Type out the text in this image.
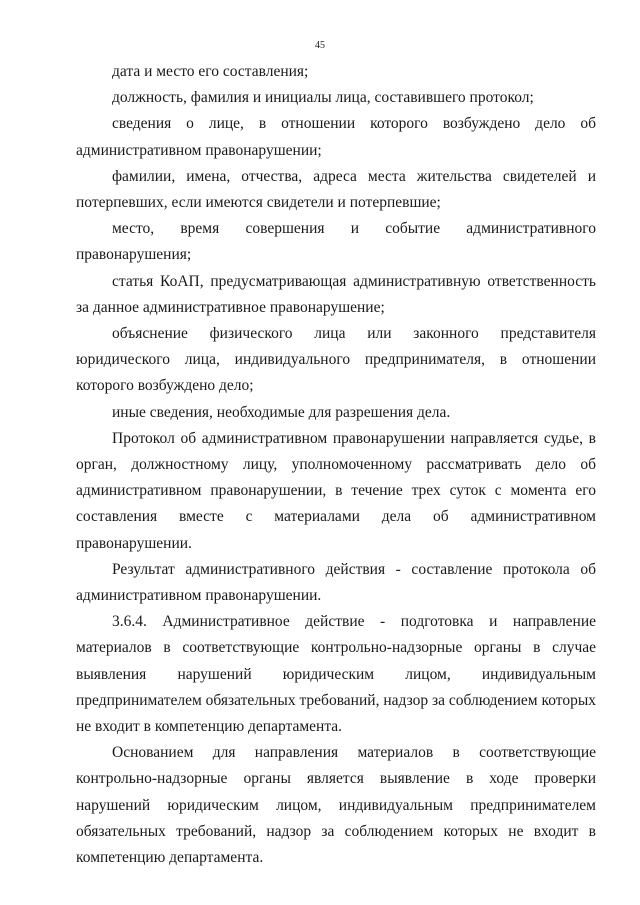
45

дата и место его составления;

должность, фамилия и инициалы лица, составившего протокол;

сведения о лице, в отношении которого возбуждено дело об административном правонарушении;

фамилии, имена, отчества, адреса места жительства свидетелей и потерпевших, если имеются свидетели и потерпевшие;

место, время совершения и событие административного правонарушения;

статья КоАП, предусматривающая административную ответственность за данное административное правонарушение;

объяснение физического лица или законного представителя юридического лица, индивидуального предпринимателя, в отношении которого возбуждено дело;

иные сведения, необходимые для разрешения дела.

Протокол об административном правонарушении направляется судье, в орган, должностному лицу, уполномоченному рассматривать дело об административном правонарушении, в течение трех суток с момента его составления вместе с материалами дела об административном правонарушении.

Результат административного действия - составление протокола об административном правонарушении.

3.6.4. Административное действие - подготовка и направление материалов в соответствующие контрольно-надзорные органы в случае выявления нарушений юридическим лицом, индивидуальным предпринимателем обязательных требований, надзор за соблюдением которых не входит в компетенцию департамента.

Основанием для направления материалов в соответствующие контрольно-надзорные органы является выявление в ходе проверки нарушений юридическим лицом, индивидуальным предпринимателем обязательных требований, надзор за соблюдением которых не входит в компетенцию департамента.
